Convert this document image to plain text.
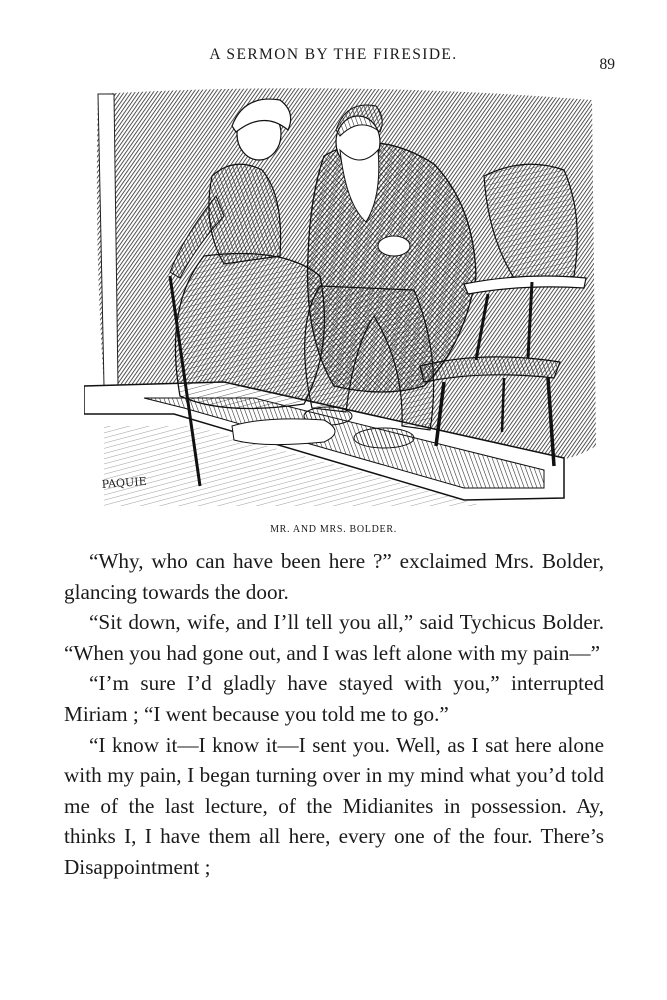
A SERMON BY THE FIRESIDE.
89
PAQUIE
MR. AND MRS. BOLDER.

“Why, who can have been here ?” exclaimed Mrs. Bolder, glancing towards the door.

“Sit down, wife, and I’ll tell you all,” said Tychicus Bolder. “When you had gone out, and I was left alone with my pain—”

“I’m sure I’d gladly have stayed with you,” interrupted Miriam ; “I went because you told me to go.”

“I know it—I know it—I sent you. Well, as I sat here alone with my pain, I began turning over in my mind what you’d told me of the last lecture, of the Midianites in possession. Ay, thinks I, I have them all here, every one of the four. There’s Disappointment ;
